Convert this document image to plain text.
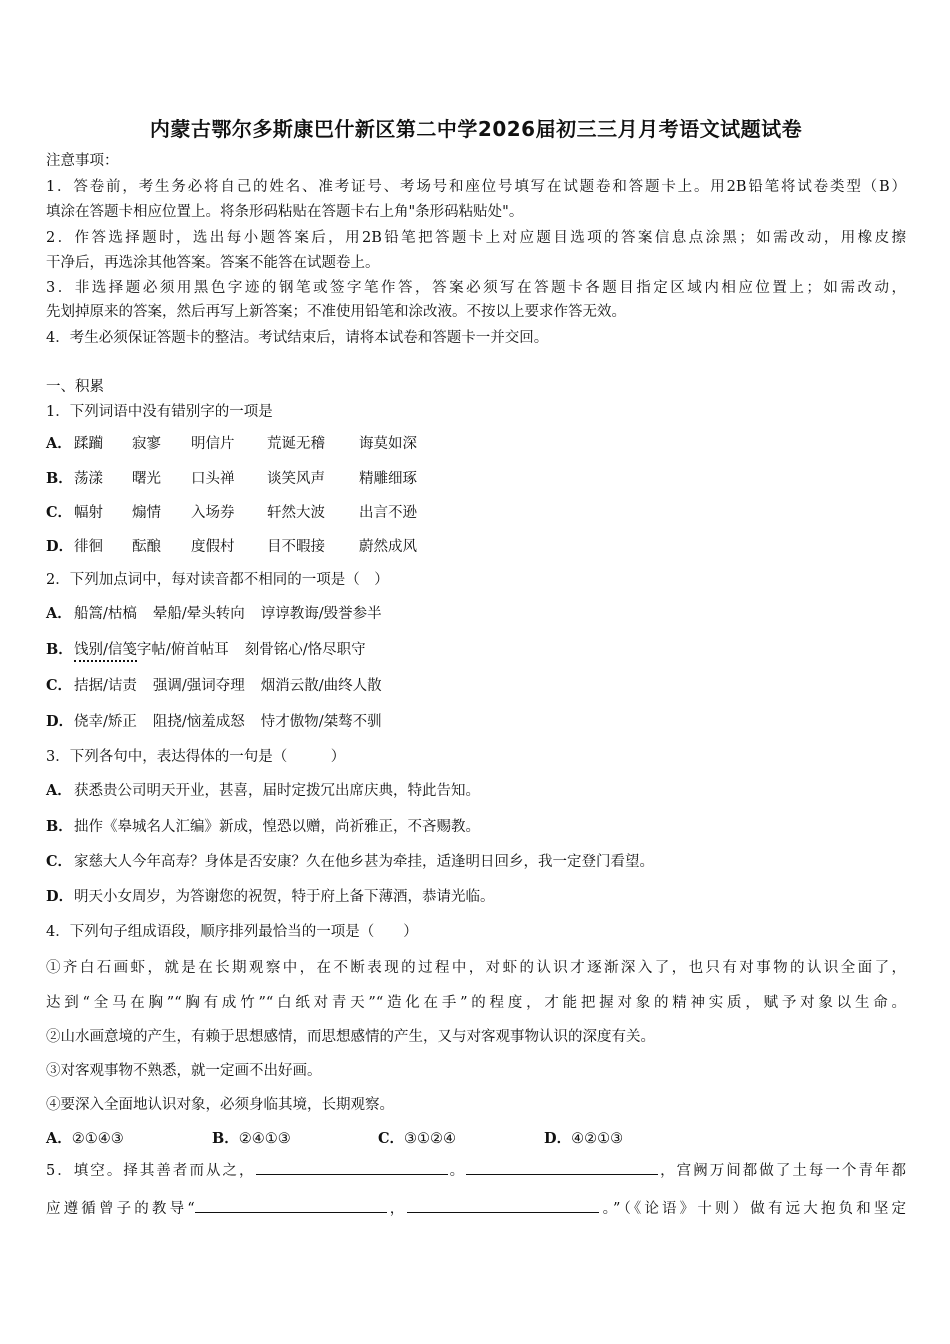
内蒙古鄂尔多斯康巴什新区第二中学2026届初三三月月考语文试题试卷
注意事项：
1．答卷前，考生务必将自己的姓名、准考证号、考场号和座位号填写在试题卷和答题卡上。用2B铅笔将试卷类型（B）
填涂在答题卡相应位置上。将条形码粘贴在答题卡右上角"条形码粘贴处"。
2．作答选择题时，选出每小题答案后，用2B铅笔把答题卡上对应题目选项的答案信息点涂黑；如需改动，用橡皮擦
干净后，再选涂其他答案。答案不能答在试题卷上。
3．非选择题必须用黑色字迹的钢笔或签字笔作答，答案必须写在答题卡各题目指定区域内相应位置上；如需改动，
先划掉原来的答案，然后再写上新答案；不准使用铅笔和涂改液。不按以上要求作答无效。
4．考生必须保证答题卡的整洁。考试结束后，请将本试卷和答题卡一并交回。
一、积累
1．下列词语中没有错别字的一项是
A． 蹂躏 寂寥 明信片 荒诞无稽 诲莫如深
B．荡漾 曙光 口头禅 谈笑风声 精雕细琢
C． 幅射 煽情 入场券 轩然大波 出言不逊
D．徘徊 酝酿 度假村 目不暇接 蔚然成风
2．下列加点词中，每对读音都不相同的一项是（　）
A． 船篙/枯槁 晕船/晕头转向 谆谆教诲/毁誉参半
B．饯别/信笺字帖/俯首帖耳 刻骨铭心/恪尽职守
C． 拮据/诘责 强调/强词夺理 烟消云散/曲终人散
D．侥幸/矫正 阻挠/恼羞成怒 恃才傲物/桀骜不驯
3．下列各句中，表达得体的一句是（　　　）
A． 获悉贵公司明天开业，甚喜，届时定拨冗出席庆典，特此告知。
B．拙作《皋城名人汇编》新成，惶恐以赠，尚祈雅正，不吝赐教。
C． 家慈大人今年高寿？身体是否安康？久在他乡甚为牵挂，适逢明日回乡，我一定登门看望。
D．明天小女周岁，为答谢您的祝贺，特于府上备下薄酒，恭请光临。
4．下列句子组成语段，顺序排列最恰当的一项是（　　）
①齐白石画虾，就是在长期观察中，在不断表现的过程中，对虾的认识才逐渐深入了，也只有对事物的认识全面了，
达到“全马在胸”“胸有成竹”“白纸对青天”“造化在手”的程度，才能把握对象的精神实质，赋予对象以生命。
②山水画意境的产生，有赖于思想感情，而思想感情的产生，又与对客观事物认识的深度有关。
③对客观事物不熟悉，就一定画不出好画。
④要深入全面地认识对象，必须身临其境，长期观察。
A．②①④③	B．②④①③	C．③①②④	D．④②①③
5．填空。择其善者而从之，	。	，宫阙万间都做了土每一个青年都
应遵循曾子的教导“	，	。”（《论语》十则）做有远大抱负和坚定
